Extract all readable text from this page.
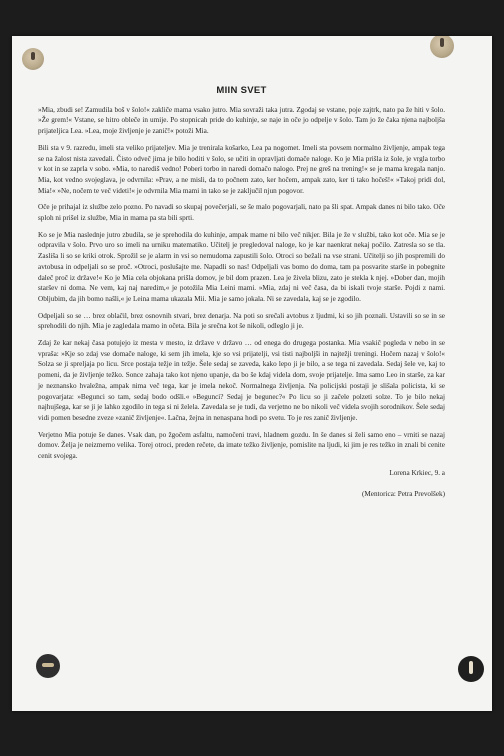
MIIN SVET

»Mia, zbudi se! Zamudila boš v šolo!« zakliče mama vsako jutro. Mia sovraži taka jutra. Zgodaj se vstane, poje zajtrk, nato pa že hiti v šolo. »Že grem!« Vstane, se hitro obleče in umije. Po stopnicah pride do kuhinje, se naje in oče jo odpelje v šolo. Tam jo že čaka njena najboljša prijateljica Lea. »Lea, moje življenje je zanič!« potoži Mia.

Bili sta v 9. razredu, imeli sta veliko prijateljev. Mia je trenirala košarko, Lea pa nogomet. Imeli sta povsem normalno življenje, ampak tega se na žalost nista zavedali. Čisto odveč jima je bilo hoditi v šolo, se učiti in opravljati domače naloge. Ko je Mia prišla iz šole, je vrgla torbo v kot in se zaprla v sobo. »Mia, to narediš vedno! Poberi torbo in naredi domačo nalogo. Prej ne greš na trening!« se je mama kregala nanjo. Mia, kot vedno svojeglava, je odvrnila: »Prav, a ne misli, da to počnem zato, ker hočem, ampak zato, ker ti tako hočeš!« »Takoj pridi dol, Mia!« »Ne, nočem te več videti!« je odvrnila Mia mami in tako se je zaključil njun pogovor.

Oče je prihajal iz službe zelo pozno. Po navadi so skupaj povečerjali, se še malo pogovarjali, nato pa šli spat. Ampak danes ni bilo tako. Oče sploh ni prišel iz službe, Mia in mama pa sta bili sprti.

Ko se je Mia naslednje jutro zbudila, se je sprehodila do kuhinje, ampak mame ni bilo več nikjer. Bila je že v službi, tako kot oče. Mia se je odpravila v šolo. Prvo uro so imeli na urniku matematiko. Učitelj je pregledoval naloge, ko je kar naenkrat nekaj počilo. Zatresla so se tla. Zasliša li so se kriki otrok. Sprožil se je alarm in vsi so nemudoma zapustili šolo. Otroci so bežali na vse strani. Učitelji so jih pospremili do avtobusa in odpeljali so se proč. »Otroci, poslušajte me. Napadli so nas! Odpeljali vas bomo do doma, tam pa posvarite starše in pobegnite daleč proč iz države!« Ko je Mia cela objokana prišla domov, je bil dom prazen. Lea je živela blizu, zato je stekla k njej. »Dober dan, mojih staršev ni doma. Ne vem, kaj naj naredim,« je potožila Mia Leini mami. »Mia, zdaj ni več časa, da bi iskali tvoje starše. Pojdi z nami. Obljubim, da jih bomo našli,« je Leina mama ukazala Mii. Mia je samo jokala. Ni se zavedala, kaj se je zgodilo.

Odpeljali so se … brez oblačil, brez osnovnih stvari, brez denarja. Na poti so srečali avtobus z ljudmi, ki so jih poznali. Ustavili so se in se sprehodili do njih. Mia je zagledala mamo in očeta. Bila je srečna kot še nikoli, odleglo ji je.

Zdaj že kar nekaj časa potujejo iz mesta v mesto, iz države v državo … od enega do drugega postanka. Mia vsakič pogleda v nebo in se vpraša: »Kje so zdaj vse domače naloge, ki sem jih imela, kje so vsi prijatelji, vsi tisti najboljši in najtežji treningi. Hočem nazaj v šolo!« Solza se ji spreljaja po licu. Srce postaja težje in težje. Šele sedaj se zaveda, kako lepo ji je bilo, a se tega ni zavedala. Sedaj šele ve, kaj to pomeni, da je življenje težko. Sonce zahaja tako kot njeno upanje, da bo še kdaj videla dom, svoje prijatelje. Ima samo Leo in starše, za kar je neznansko hvaležna, ampak nima več tega, kar je imela nekoč. Normalnega življenja. Na policijski postaji je slišala policista, ki se pogovarjata: »Begunci so tam, sedaj bodo odšli.« »Begunci? Sedaj je begunec?« Po licu so ji začele polzeti solze. To je bilo nekaj najhujšega, kar se ji je lahko zgodilo in tega si ni želela. Zavedala se je tudi, da verjetno ne bo nikoli več videla svojih sorodnikov. Šele sedaj vidi pomen besedne zveze »zanič življenje«. Lačna, žejna in nenaspana hodi po svetu. To je res zanič življenje.

Verjetno Mia potuje še danes. Vsak dan, po žgočem asfaltu, namočeni travi, hladnem gozdu. In še danes si želi samo eno – vrniti se nazaj domov. Želja je neizmerno velika. Torej otroci, preden rečete, da imate težko življenje, pomislite na ljudi, ki jim je res težko in znali bi cenite cenit svojega.

Lorena Krkiec, 9. a

(Mentorica: Petra Prevolšek)
